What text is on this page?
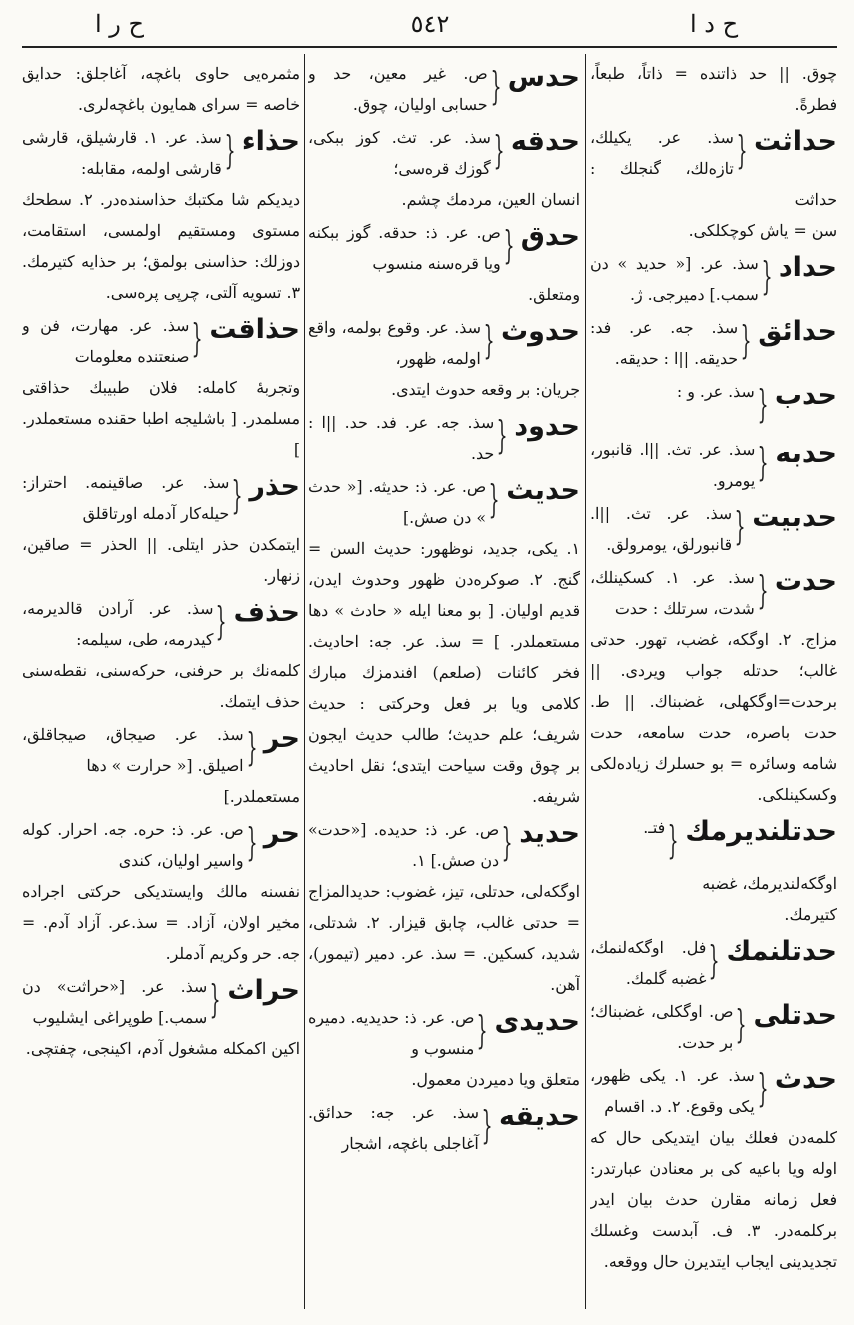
ح ر ا	٥٤٢	ح د ا
چوق. || حد ذاتنده = ذاتاً، طبعاً، فطرةً.
حداثت
{
سذ. عر. يكيلك، تازه‌لك، گنجلك : حداثت
سن = ياش كوچكلكى.
حداد
{
سذ. عر. [« حديد » دن سمب.] دميرجى. ژ.
حدائق
{
سذ. جه. عر. فد: حديقه. ||ا : حديقه.
حدب
{
سذ. عر. و :
حدبه
{
سذ. عر. تث. ||ا. قانبور، يومرو.
حدبيت
{
سذ. عر. تث. ||ا. قانبورلق، يومرولق.
حدت
{
سذ. عر. ١. كسكينلك، شدت، سرتلك : حدت
مزاج. ٢. اوگكه، غضب، تهور. حدتى غالب؛ حدتله جواب ويردى. ||برحدت=اوگكهلى، غضبناك. || ط. حدت باصره، حدت سامعه، حدت شامه وسائره = بو حسلرك زياده‌لكى وكسكينلكى.
حدتلنديرمك
{
فتـ. اوگكه‌لنديرمك، غضبه
كتيرمك.
حدتلنمك
{
فل. اوگكه‌لنمك، غضبه گلمك.
حدتلى
{
ص. اوگكلى، غضبناك؛ بر حدت.
حدث
{
سذ. عر. ١. يكى ظهور، يكى وقوع. ٢. د. اقسام
كلمه‌دن فعلك بيان ايتديكى حال كه اوله ويا باعيه كى بر معنادن عبارتدر: فعل زمانه مقارن حدث بيان ايدر بركلمه‌در. ٣. ف. آبدست وغسلك تجديدينى ايجاب ايتديرن حال ووقعه.
حدس
{
ص. غير معين، حد و حسابى اوليان، چوق.
حدقه
{
سذ. عر. تث. كوز ببكى، گوزك قره‌سى؛
انسان العين، مردمك چشم.
حدق
{
ص. عر. ذ: حدقه. گوز ببكنه ويا قره‌سنه منسوب
ومتعلق.
حدوث
{
سذ. عر. وقوع بولمه، واقع اولمه، ظهور،
جريان: بر وقعه حدوث ايتدى.
حدود
{
سذ. جه. عر. فد. حد. ||ا : حد.
حديث
{
ص. عر. ذ: حديثه. [« حدث » دن صش.]
١. يكى، جديد، نوظهور: حديث السن = گنج. ٢. صوكره‌دن ظهور وحدوث ايدن، قديم اوليان. [ بو معنا ايله « حادث » دها مستعملدر. ] = سذ. عر. جه: احاديث. فخر كائنات (صلعم) افندمزك مبارك كلامى ويا بر فعل وحركتى : حديث شريف؛ علم حديث؛ طالب حديث ايجون بر چوق وقت سياحت ايتدى؛ نقل احاديث شريفه.
حديد
{
ص. عر. ذ: حديده. [«حدت» دن صش.] ١.
اوگكه‌لى، حدتلى، تيز، غضوب: حديدالمزاج = حدتى غالب، چابق قيزار. ٢. شدتلى، شديد، كسكين. = سذ. عر. دمير (تيمور)، آهن.
حديدى
{
ص. عر. ذ: حديديه. دميره منسوب و
متعلق ويا دميردن معمول.
حديقه
{
سذ. عر. جه: حدائق. آغاجلى باغچه، اشجار
مثمره‌يى حاوى باغچه، آغاجلق: حدايق خاصه = سراى هما‌يون باغچه‌لرى.
حذاء
{
سذ. عر. ١. قارشيلق، قارشى قارشى اولمه، مقابله:
ديديكم شا مكتبك حذاسنده‌در. ٢. سطحك مستوى ومستقيم اولمسى، استقامت، دوزلك: حذاسنى بولمق؛ بر حذايه كتيرمك. ٣. تسويه آلتى، چرپى پره‌سى.
حذاقت
{
سذ. عر. مهارت، فن و صنعتنده معلومات
وتجربهٔ كامله: فلان طبيبك حذاقتى مسلمدر. [ باشليجه اطبا حقنده مستعملدر. ]
حذر
{
سذ. عر. صاقينمه. احتراز: حيله‌كار آدمله اورتاقلق
ايتمكدن حذر ايتلى. || الحذر = صاقين، زنهار.
حذف
{
سذ. عر. آرادن قالديرمه، كيدرمه، طى، سيلمه:
كلمه‌نك بر حرفنى، حركه‌سنى، نقطه‌سنى حذف ايتمك.
حر
{
سذ. عر. صيجاق، صيجاقلق، اصيلق. [« حرارت » دها
مستعملدر.]
حر
{
ص. عر. ذ: حره. جه. احرار. كوله واسير اوليان، كندى
نفسنه مالك وايستديكى حركتى اجراده مخير اولان، آزاد. = سذ.عر. آزاد آدم. = جه. حر وكريم آدملر.
حراث
{
سذ. عر. [«حراثت» دن سمب.] طوپراغى ايشليوب
اكين اكمكله مشغول آدم، اكينجى، چفتچى.
